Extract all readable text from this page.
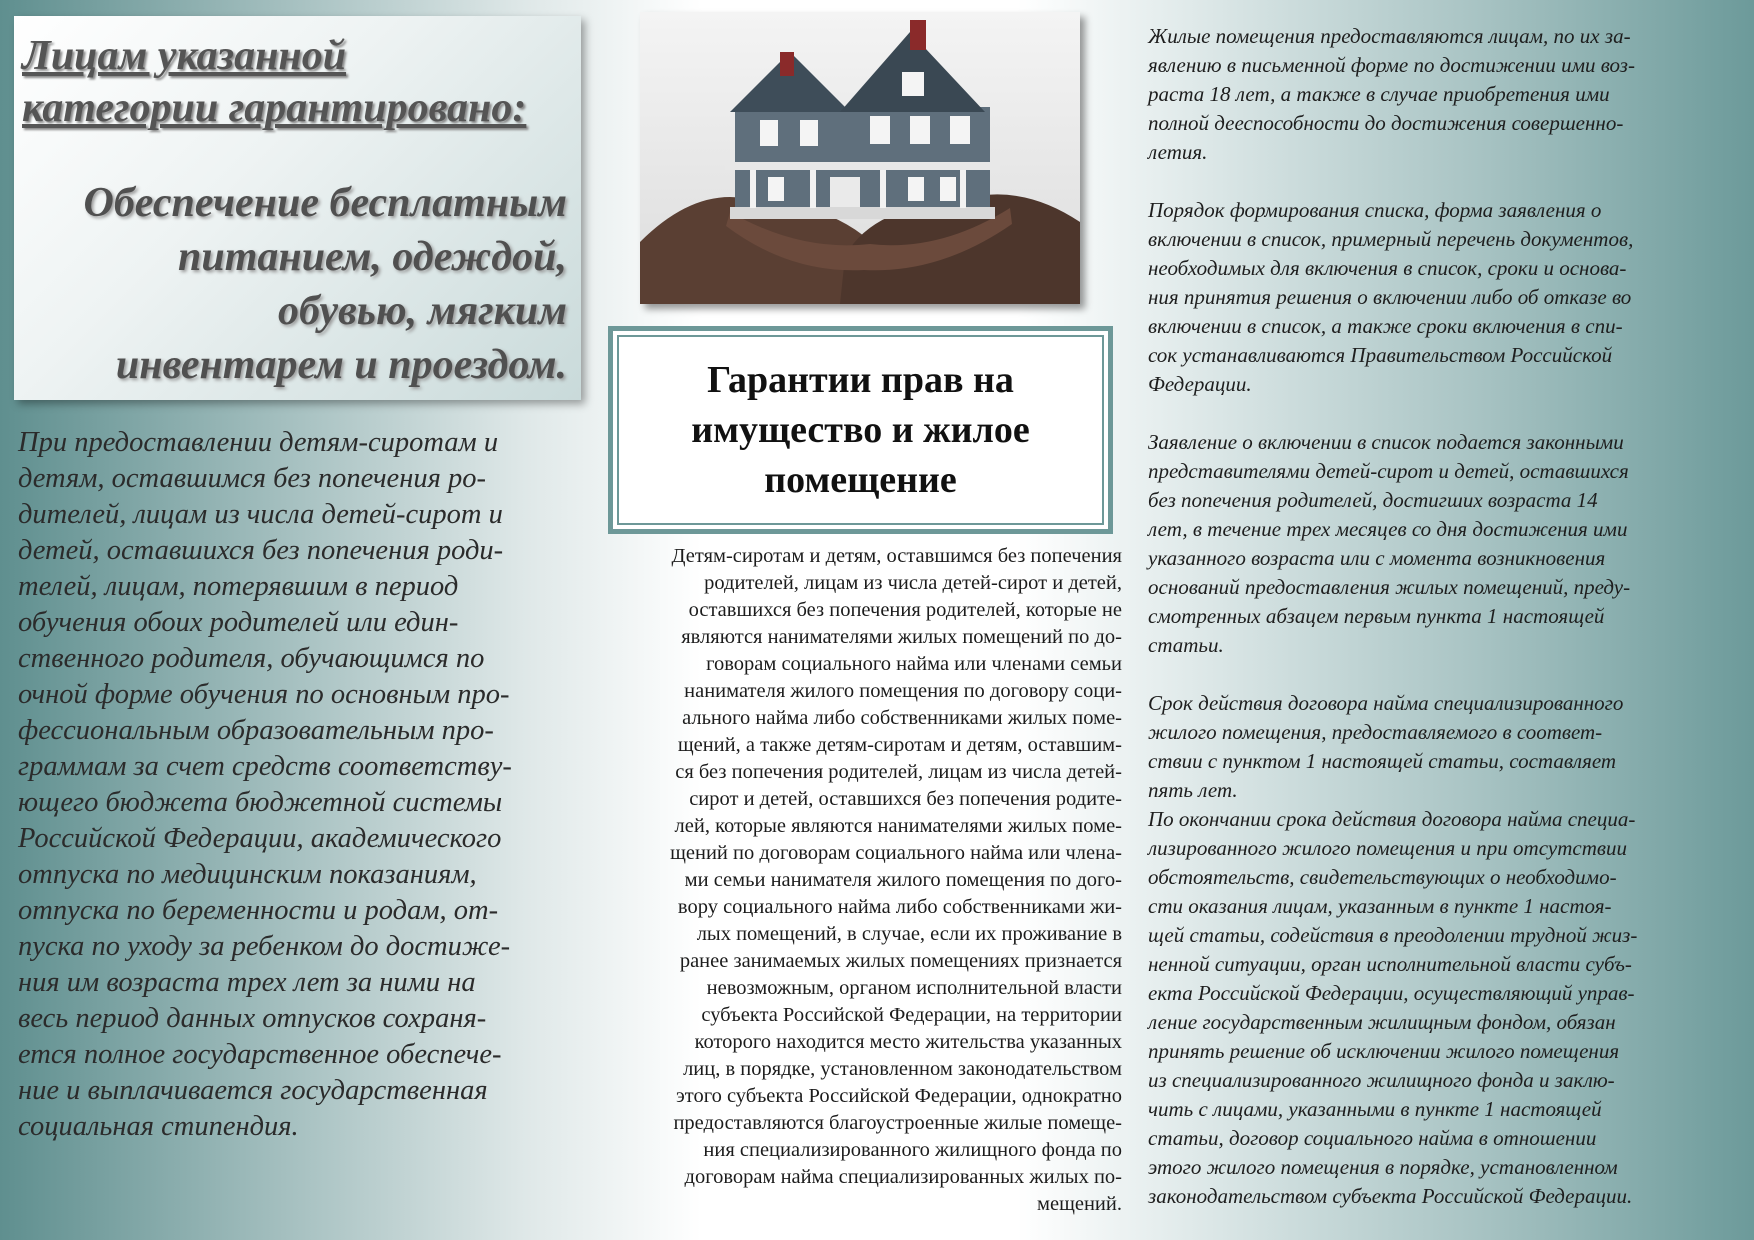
Лицам указанной
категории гарантировано:
Обеспечение бесплатным
питанием, одеждой,
обувью, мягким
инвентарем и проездом.

При предоставлении детям-сиротам и
детям, оставшимся без попечения ро-
дителей, лицам из числа детей-сирот и
детей, оставшихся без попечения роди-
телей, лицам, потерявшим в период
обучения обоих родителей или един-
ственного родителя, обучающимся по
очной форме обучения по основным про-
фессиональным образовательным про-
граммам за счет средств соответству-
ющего бюджета бюджетной системы
Российской Федерации, академического
отпуска по медицинским показаниям,
отпуска по беременности и родам, от-
пуска по уходу за ребенком до достиже-
ния им возраста трех лет за ними на
весь период данных отпусков сохраня-
ется полное государственное обеспече-
ние и выплачивается государственная
социальная стипендия.

Гарантии прав на
имущество и жилое
помещение

Детям-сиротам и детям, оставшимся без попечения
родителей, лицам из числа детей-сирот и детей,
оставшихся без попечения родителей, которые не
являются нанимателями жилых помещений по до-
говорам социального найма или членами семьи
нанимателя жилого помещения по договору соци-
ального найма либо собственниками жилых поме-
щений, а также детям-сиротам и детям, оставшим-
ся без попечения родителей, лицам из числа детей-
сирот и детей, оставшихся без попечения родите-
лей, которые являются нанимателями жилых поме-
щений по договорам социального найма или члена-
ми семьи нанимателя жилого помещения по дого-
вору социального найма либо собственниками жи-
лых помещений, в случае, если их проживание в
ранее занимаемых жилых помещениях признается
невозможным, органом исполнительной власти
субъекта Российской Федерации, на территории
которого находится место жительства указанных
лиц, в порядке, установленном законодательством
этого субъекта Российской Федерации, однократно
предоставляются благоустроенные жилые помеще-
ния специализированного жилищного фонда по
договорам найма специализированных жилых по-
мещений.

Жилые помещения предоставляются лицам, по их за-
явлению в письменной форме по достижении ими воз-
раста 18 лет, а также в случае приобретения ими
полной дееспособности до достижения совершенно-
летия.

Порядок формирования списка, форма заявления о
включении в список, примерный перечень документов,
необходимых для включения в список, сроки и основа-
ния принятия решения о включении либо об отказе во
включении в список, а также сроки включения в спи-
сок устанавливаются Правительством Российской
Федерации.

Заявление о включении в список подается законными
представителями детей-сирот и детей, оставшихся
без попечения родителей, достигших возраста 14
лет, в течение трех месяцев со дня достижения ими
указанного возраста или с момента возникновения
оснований предоставления жилых помещений, преду-
смотренных абзацем первым пункта 1 настоящей
статьи.

Срок действия договора найма специализированного
жилого помещения, предоставляемого в соответ-
ствии с пунктом 1 настоящей статьи, составляет
пять лет.

По окончании срока действия договора найма специа-
лизированного жилого помещения и при отсутствии
обстоятельств, свидетельствующих о необходимо-
сти оказания лицам, указанным в пункте 1 настоя-
щей статьи, содействия в преодолении трудной жиз-
ненной ситуации, орган исполнительной власти субъ-
екта Российской Федерации, осуществляющий управ-
ление государственным жилищным фондом, обязан
принять решение об исключении жилого помещения
из специализированного жилищного фонда и заклю-
чить с лицами, указанными в пункте 1 настоящей
статьи, договор социального найма в отношении
этого жилого помещения в порядке, установленном
законодательством субъекта Российской Федерации.
